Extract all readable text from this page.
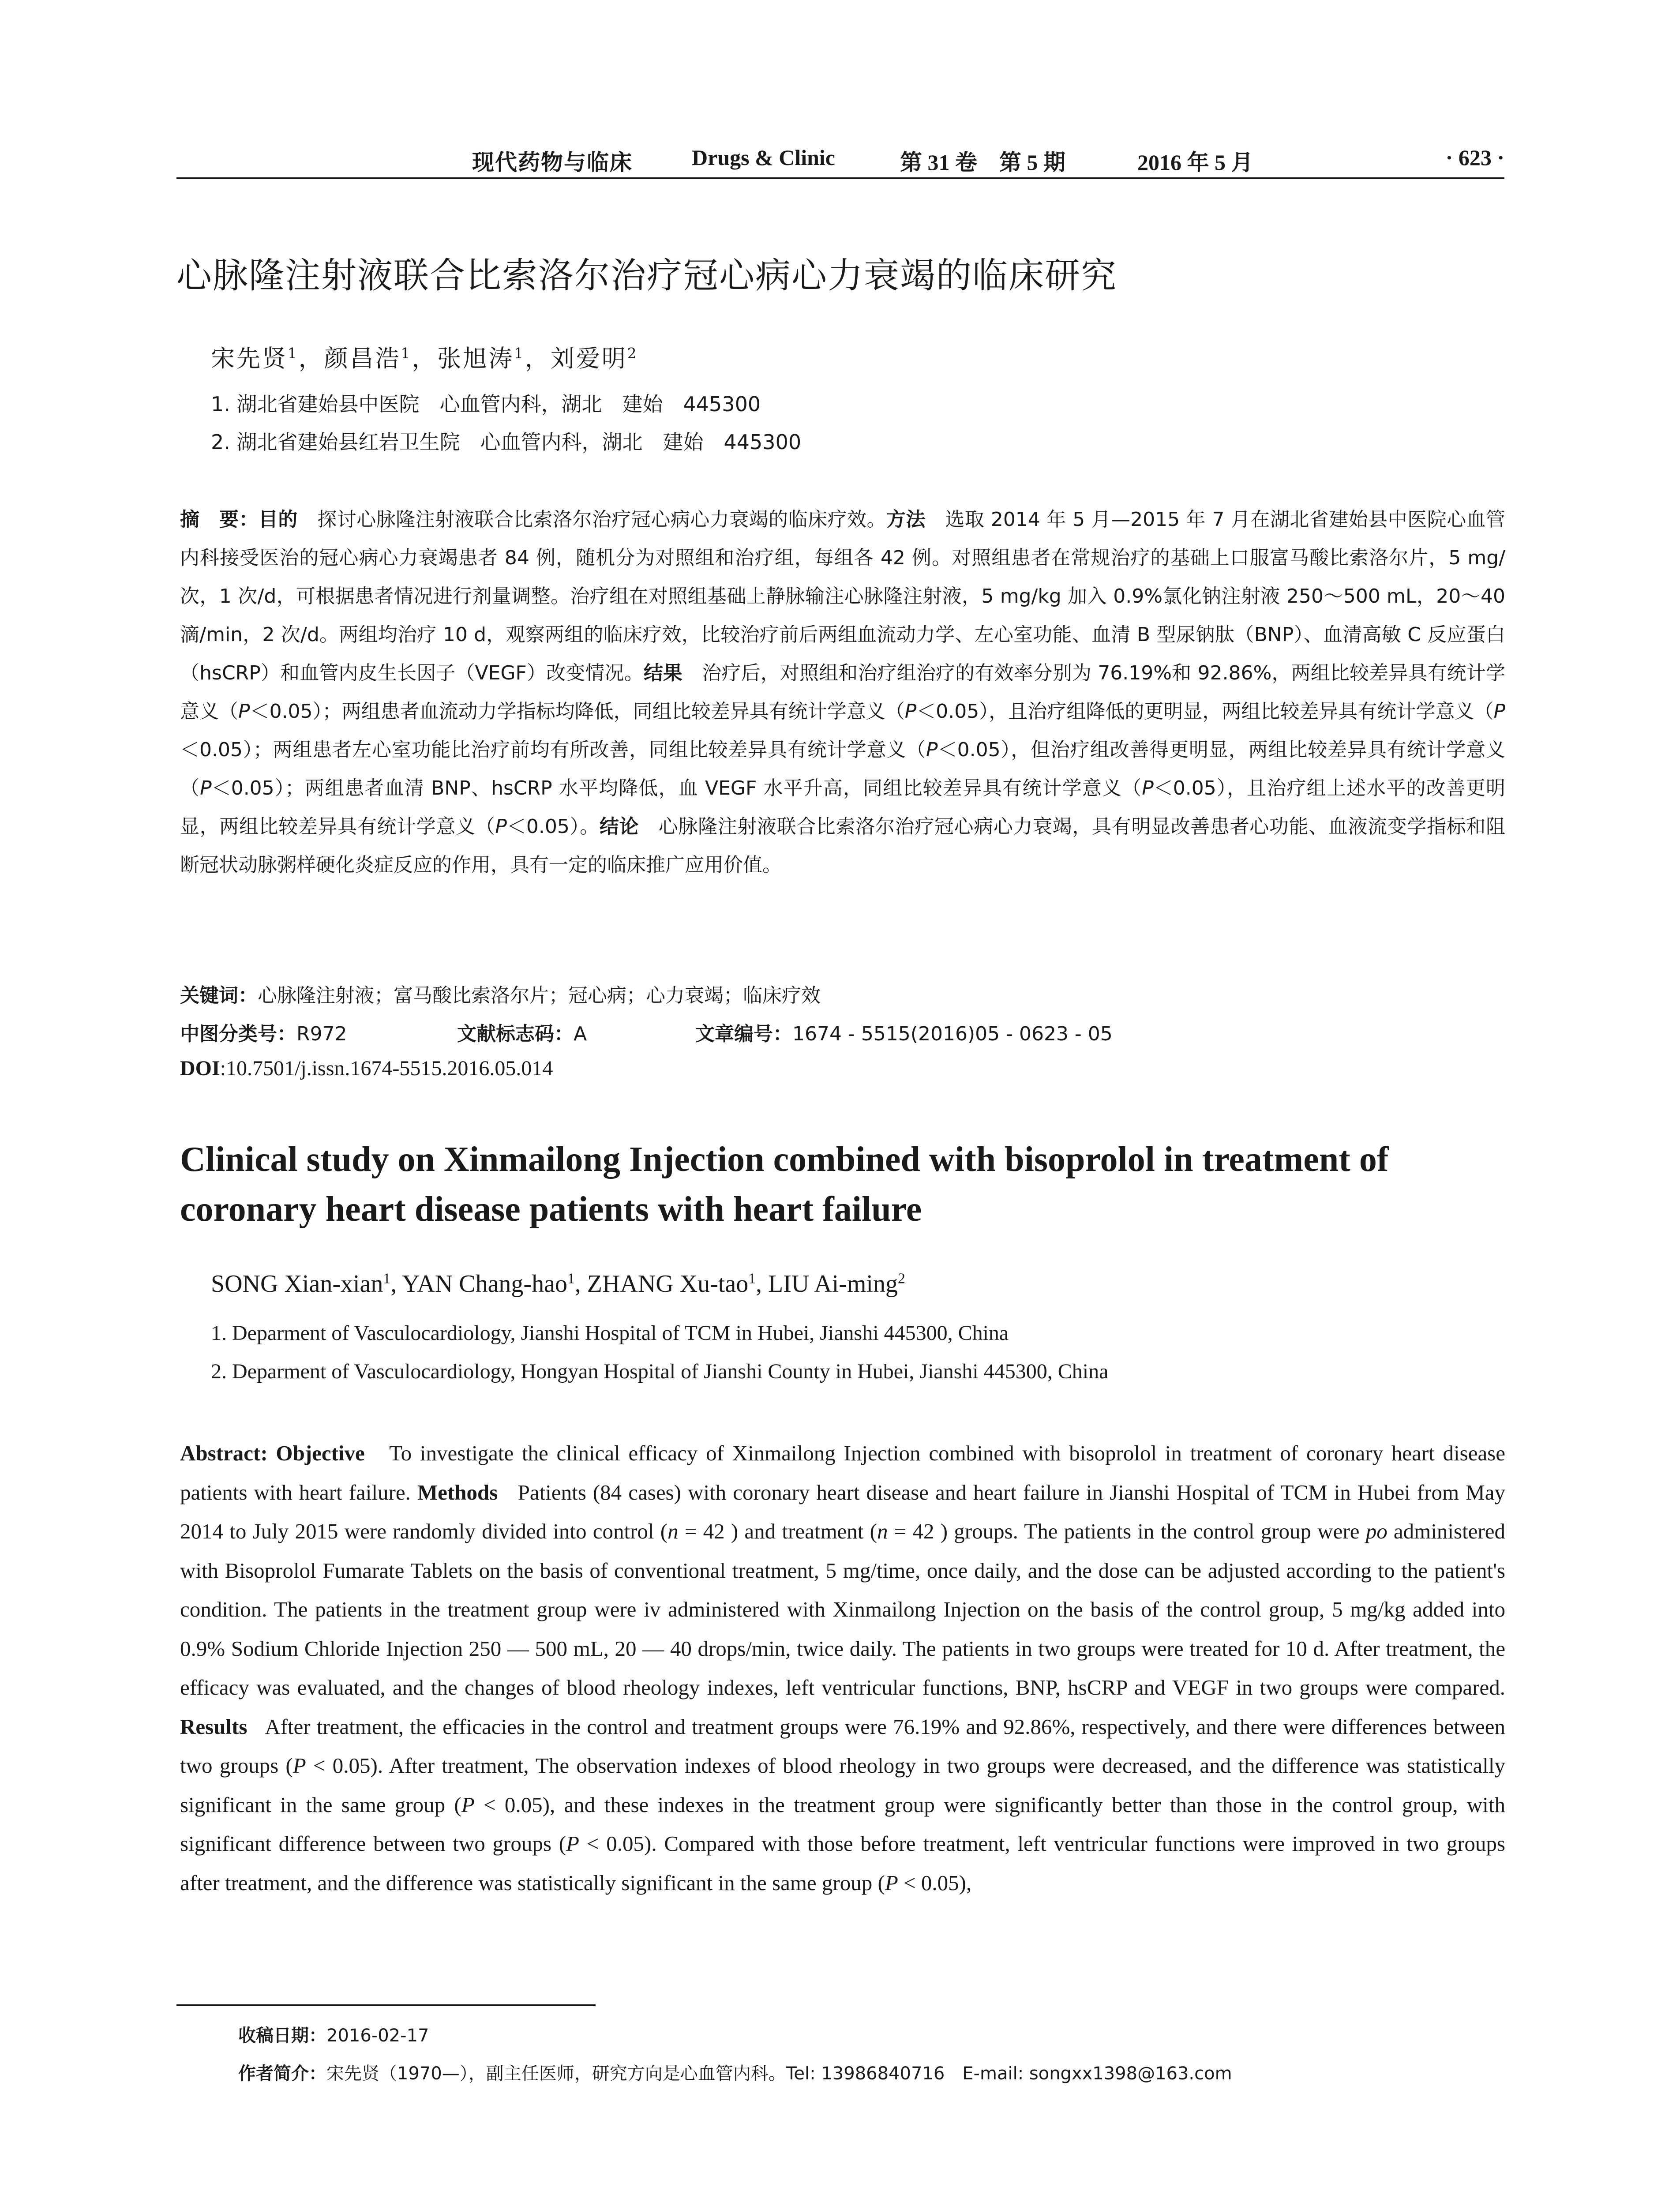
现代药物与临床	Drugs & Clinic	第 31 卷　第 5 期	2016 年 5 月	· 623 ·
心脉隆注射液联合比索洛尔治疗冠心病心力衰竭的临床研究
宋先贤$^1$，颜昌浩$^1$，张旭涛$^1$，刘爱明$^2$
1. 湖北省建始县中医院　心血管内科，湖北　建始　445300
2. 湖北省建始县红岩卫生院　心血管内科，湖北　建始　445300
摘　要：目的　 探讨心脉隆注射液联合比索洛尔治疗冠心病心力衰竭的临床疗效。方法　 选取 2014 年 5 月—2015 年 7 月在湖北省建始县中医院心血管内科接受医治的冠心病心力衰竭患者 84 例，随机分为对照组和治疗组，每组各 42 例。对照组患者在常规治疗的基础上口服富马酸比索洛尔片，5 mg/次，1 次/d，可根据患者情况进行剂量调整。治疗组在对照组基础上静脉输注心脉隆注射液，5 mg/kg 加入 0.9%氯化钠注射液 250～500 mL，20～40 滴/min，2 次/d。两组均治疗 10 d，观察两组的临床疗效，比较治疗前后两组血流动力学、左心室功能、血清 B 型尿钠肽（BNP）、血清高敏 C 反应蛋白（hsCRP）和血管内皮生长因子（VEGF）改变情况。结果　 治疗后，对照组和治疗组治疗的有效率分别为 76.19%和 92.86%，两组比较差异具有统计学意义（P＜0.05）；两组患者血流动力学指标均降低，同组比较差异具有统计学意义（P＜0.05），且治疗组降低的更明显，两组比较差异具有统计学意义（P＜0.05）；两组患者左心室功能比治疗前均有所改善，同组比较差异具有统计学意义（P＜0.05），但治疗组改善得更明显，两组比较差异具有统计学意义（P＜0.05）；两组患者血清 BNP、hsCRP 水平均降低，血 VEGF 水平升高，同组比较差异具有统计学意义（P＜0.05），且治疗组上述水平的改善更明显，两组比较差异具有统计学意义（P＜0.05）。结论　 心脉隆注射液联合比索洛尔治疗冠心病心力衰竭，具有明显改善患者心功能、血液流变学指标和阻断冠状动脉粥样硬化炎症反应的作用，具有一定的临床推广应用价值。
关键词：心脉隆注射液；富马酸比索洛尔片；冠心病；心力衰竭；临床疗效
中图分类号：R972	文献标志码：A	文章编号：1674 - 5515(2016)05 - 0623 - 05
DOI:10.7501/j.issn.1674-5515.2016.05.014
Clinical study on Xinmailong Injection combined with bisoprolol in treatment of coronary heart disease patients with heart failure
SONG Xian-xian$^1$, YAN Chang-hao$^1$, ZHANG Xu-tao$^1$, LIU Ai-ming$^2$
1. Deparment of Vasculocardiology, Jianshi Hospital of TCM in Hubei, Jianshi 445300, China
2. Deparment of Vasculocardiology, Hongyan Hospital of Jianshi County in Hubei, Jianshi 445300, China
Abstract: Objective To investigate the clinical efficacy of Xinmailong Injection combined with bisoprolol in treatment of coronary heart disease patients with heart failure. Methods Patients (84 cases) with coronary heart disease and heart failure in Jianshi Hospital of TCM in Hubei from May 2014 to July 2015 were randomly divided into control (n = 42 ) and treatment (n = 42 ) groups. The patients in the control group were po administered with Bisoprolol Fumarate Tablets on the basis of conventional treatment, 5 mg/time, once daily, and the dose can be adjusted according to the patient's condition. The patients in the treatment group were iv administered with Xinmailong Injection on the basis of the control group, 5 mg/kg added into 0.9% Sodium Chloride Injection 250 — 500 mL, 20 — 40 drops/min, twice daily. The patients in two groups were treated for 10 d. After treatment, the efficacy was evaluated, and the changes of blood rheology indexes, left ventricular functions, BNP, hsCRP and VEGF in two groups were compared. Results After treatment, the efficacies in the control and treatment groups were 76.19% and 92.86%, respectively, and there were differences between two groups (P < 0.05). After treatment, The observation indexes of blood rheology in two groups were decreased, and the difference was statistically significant in the same group (P < 0.05), and these indexes in the treatment group were significantly better than those in the control group, with significant difference between two groups (P < 0.05). Compared with those before treatment, left ventricular functions were improved in two groups after treatment, and the difference was statistically significant in the same group (P < 0.05),
收稿日期：2016-02-17
作者简介：宋先贤（1970—），副主任医师，研究方向是心血管内科。Tel: 13986840716　E-mail: songxx1398@163.com
